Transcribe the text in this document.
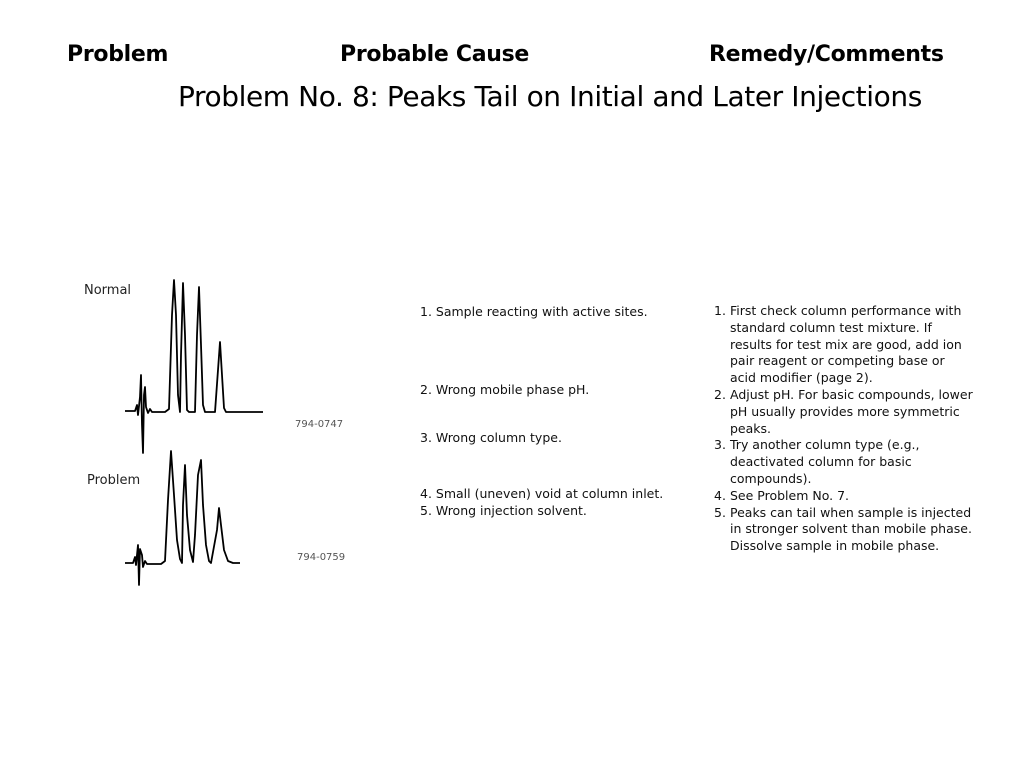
Problem	Probable Cause	Remedy/Comments
Problem No. 8: Peaks Tail on Initial and Later Injections
Normal
794-0747
Problem
794-0759
1. Sample reacting with active sites.
2. Wrong mobile phase pH.
3. Wrong column type.
4. Small (uneven) void at column inlet.
5. Wrong injection solvent.
1. First check column performance with standard column test mixture. If results for test mix are good, add ion pair reagent or competing base or acid modifier (page 2).
2. Adjust pH. For basic compounds, lower pH usually provides more symmetric peaks.
3. Try another column type (e.g., deactivated column for basic compounds).
4. See Problem No. 7.
5. Peaks can tail when sample is injected in stronger solvent than mobile phase. Dissolve sample in mobile phase.
